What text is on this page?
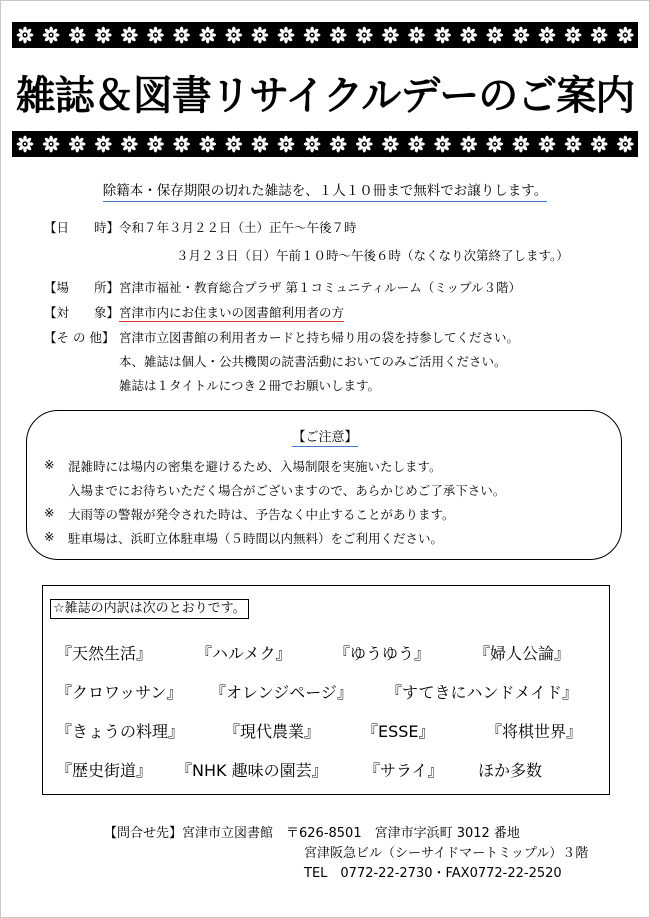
雑誌＆図書リサイクルデーのご案内
除籍本・保存期限の切れた雑誌を、１人１０冊まで無料でお譲りします。
【日　　時】 令和７年３月２２日（土）正午〜午後７時
３月２３日（日）午前１０時〜午後６時（なくなり次第終了します。）
【場　　所】 宮津市福祉・教育総合プラザ 第１コミュニティルーム（ミップル３階）
【対　　象】 宮津市内にお住まいの図書館利用者の方
【そ の 他】 宮津市立図書館の利用者カードと持ち帰り用の袋を持参してください。
本、雑誌は個人・公共機関の読書活動においてのみご活用ください。
雑誌は１タイトルにつき２冊でお願いします。
【ご注意】
※ 混雑時には場内の密集を避けるため、入場制限を実施いたします。
入場までにお待ちいただく場合がございますので、あらかじめご了承下さい。
※ 大雨等の警報が発令された時は、予告なく中止することがあります。
※ 駐車場は、浜町立体駐車場（５時間以内無料）をご利用ください。
☆雑誌の内訳は次のとおりです。
『天然生活』	『ハルメク』	『ゆうゆう』	『婦人公論』
『クロワッサン』 『オレンジページ』 『すてきにハンドメイド』
『きょうの料理』 『現代農業』	『ESSE』	『将棋世界』
『歴史街道』 『NHK 趣味の園芸』 『サライ』 ほか多数
【問合せ先】宮津市立図書館　〒626-8501　宮津市字浜町 3012 番地
宮津阪急ビル（シーサイドマートミップル）３階
TEL　0772-22-2730・FAX0772-22-2520
